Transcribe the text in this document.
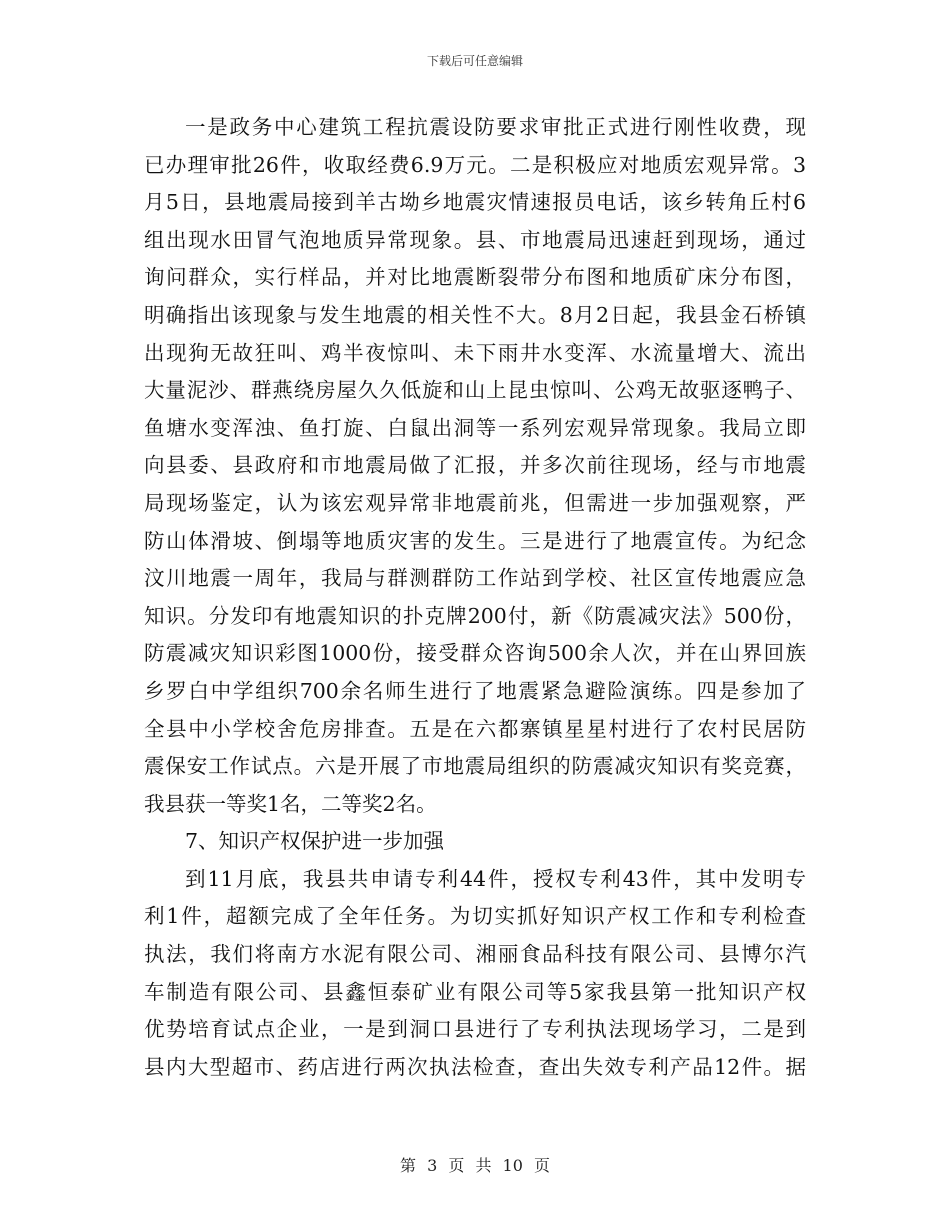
下载后可任意编辑
一是政务中心建筑工程抗震设防要求审批正式进行刚性收费，现
已办理审批26件，收取经费6.9万元。二是积极应对地质宏观异常。3
月5日，县地震局接到羊古坳乡地震灾情速报员电话，该乡转角丘村6
组出现水田冒气泡地质异常现象。县、市地震局迅速赶到现场，通过
询问群众，实行样品，并对比地震断裂带分布图和地质矿床分布图，
明确指出该现象与发生地震的相关性不大。8月2日起，我县金石桥镇
出现狗无故狂叫、鸡半夜惊叫、未下雨井水变浑、水流量增大、流出
大量泥沙、群燕绕房屋久久低旋和山上昆虫惊叫、公鸡无故驱逐鸭子、
鱼塘水变浑浊、鱼打旋、白鼠出洞等一系列宏观异常现象。我局立即
向县委、县政府和市地震局做了汇报，并多次前往现场，经与市地震
局现场鉴定，认为该宏观异常非地震前兆，但需进一步加强观察，严
防山体滑坡、倒塌等地质灾害的发生。三是进行了地震宣传。为纪念
汶川地震一周年，我局与群测群防工作站到学校、社区宣传地震应急
知识。分发印有地震知识的扑克牌200付，新《防震减灾法》500份，
防震减灾知识彩图1000份，接受群众咨询500余人次，并在山界回族
乡罗白中学组织700余名师生进行了地震紧急避险演练。四是参加了
全县中小学校舍危房排查。五是在六都寨镇星星村进行了农村民居防
震保安工作试点。六是开展了市地震局组织的防震减灾知识有奖竞赛，
我县获一等奖1名，二等奖2名。
7、知识产权保护进一步加强
到11月底，我县共申请专利44件，授权专利43件，其中发明专
利1件，超额完成了全年任务。为切实抓好知识产权工作和专利检查
执法，我们将南方水泥有限公司、湘丽食品科技有限公司、县博尔汽
车制造有限公司、县鑫恒泰矿业有限公司等5家我县第一批知识产权
优势培育试点企业，一是到洞口县进行了专利执法现场学习，二是到
县内大型超市、药店进行两次执法检查，查出失效专利产品12件。据
第 3 页 共 10 页
